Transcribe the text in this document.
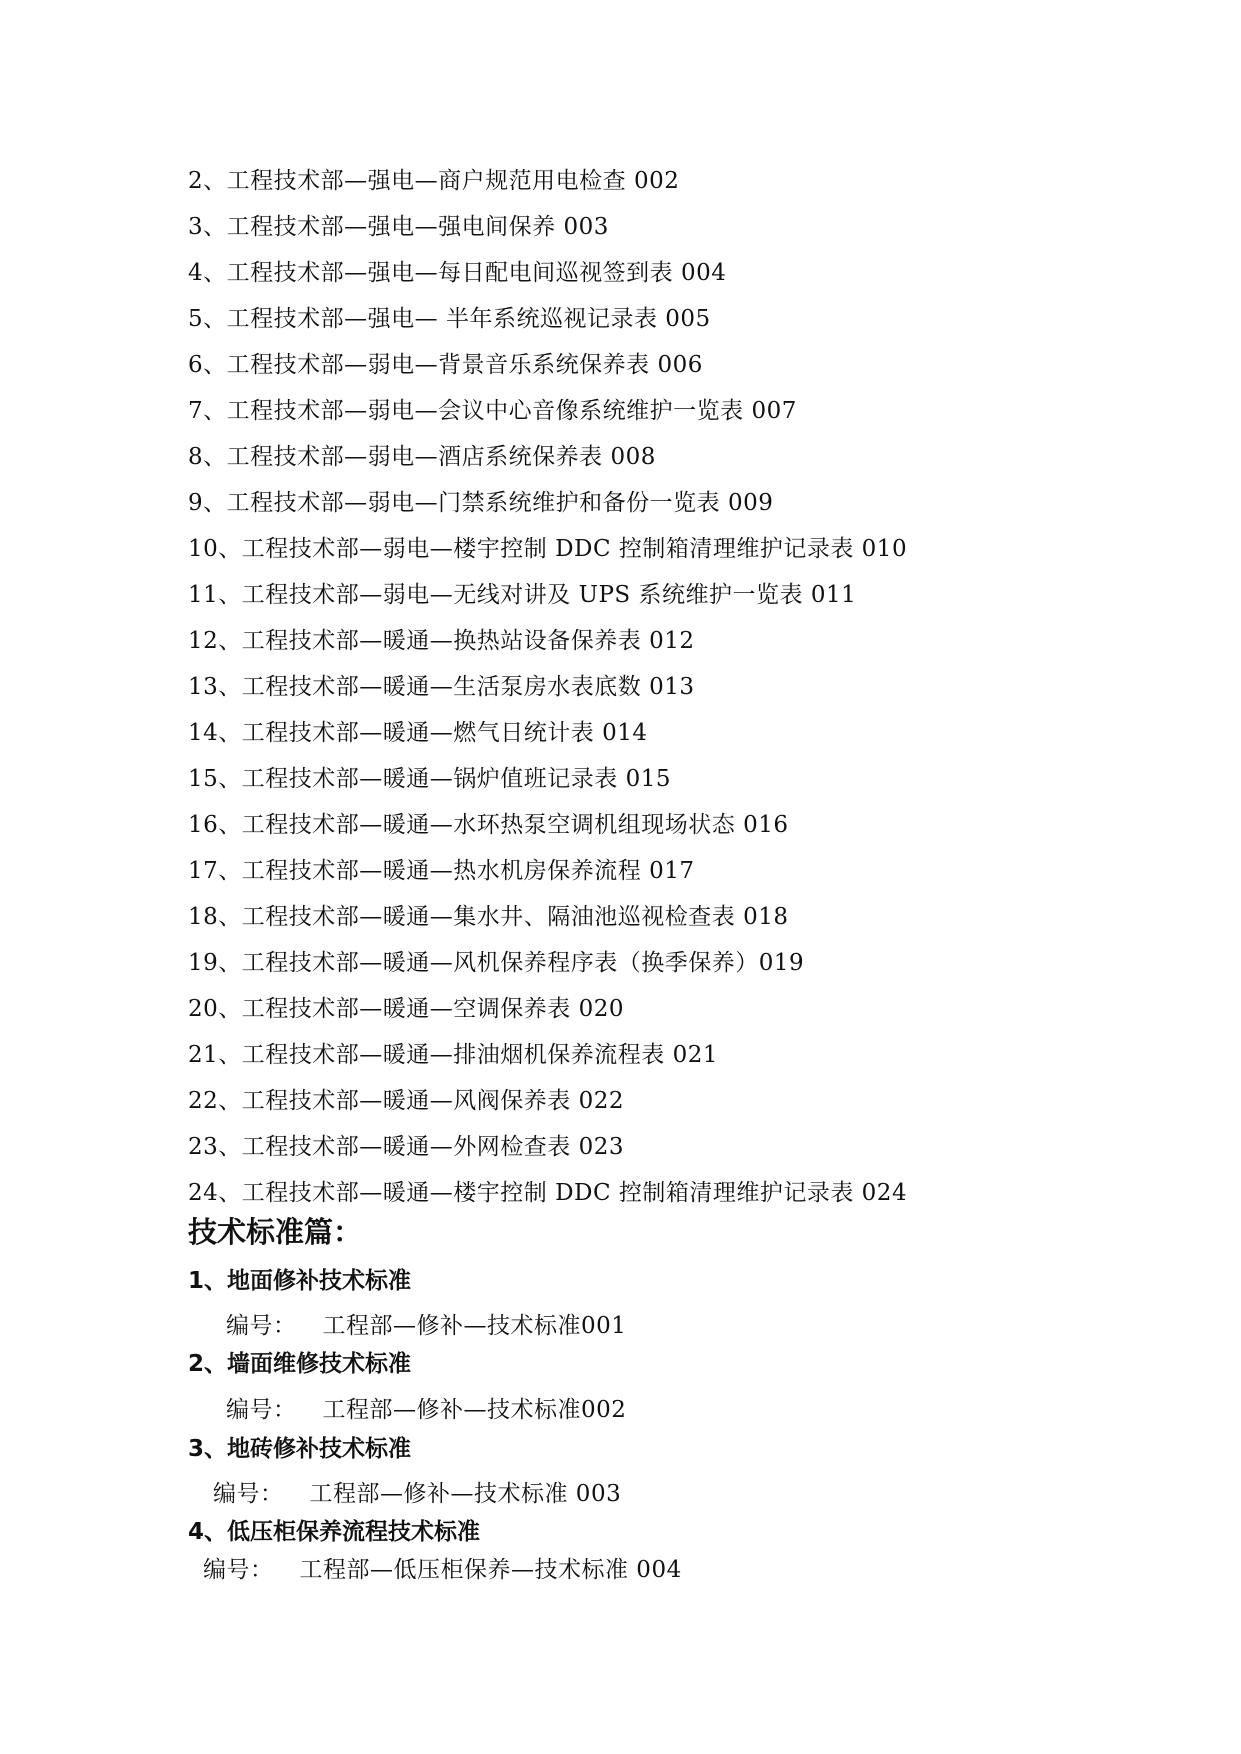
2、工程技术部—强电—商户规范用电检查 002
3、工程技术部—强电—强电间保养 003
4、工程技术部—强电—每日配电间巡视签到表 004
5、工程技术部—强电— 半年系统巡视记录表 005
6、工程技术部—弱电—背景音乐系统保养表 006
7、工程技术部—弱电—会议中心音像系统维护一览表 007
8、工程技术部—弱电—酒店系统保养表 008
9、工程技术部—弱电—门禁系统维护和备份一览表 009
10、工程技术部—弱电—楼宇控制 DDC 控制箱清理维护记录表 010
11、工程技术部—弱电—无线对讲及 UPS 系统维护一览表 011
12、工程技术部—暖通—换热站设备保养表 012
13、工程技术部—暖通—生活泵房水表底数 013
14、工程技术部—暖通—燃气日统计表 014
15、工程技术部—暖通—锅炉值班记录表 015
16、工程技术部—暖通—水环热泵空调机组现场状态 016
17、工程技术部—暖通—热水机房保养流程 017
18、工程技术部—暖通—集水井、隔油池巡视检查表 018
19、工程技术部—暖通—风机保养程序表（换季保养）019
20、工程技术部—暖通—空调保养表 020
21、工程技术部—暖通—排油烟机保养流程表 021
22、工程技术部—暖通—风阀保养表 022
23、工程技术部—暖通—外网检查表 023
24、工程技术部—暖通—楼宇控制 DDC 控制箱清理维护记录表 024
技术标准篇：
1、地面修补技术标准
编号： 工程部—修补—技术标准001
2、墙面维修技术标准
编号： 工程部—修补—技术标准002
3、地砖修补技术标准
编号： 工程部—修补—技术标准 003
4、低压柜保养流程技术标准
编号： 工程部—低压柜保养—技术标准 004
